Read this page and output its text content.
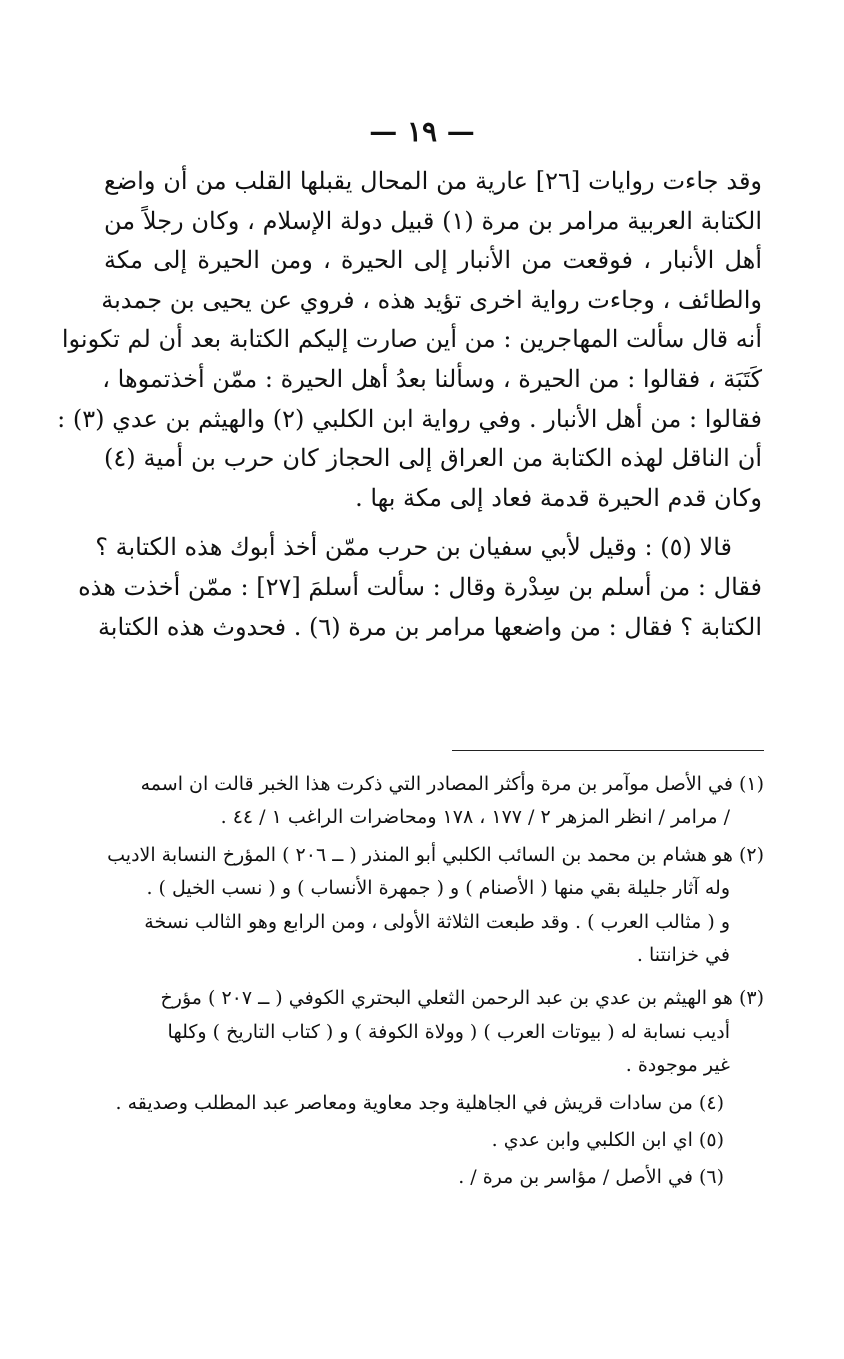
— ١٩ —
وقد جاءت روايات [٢٦] عارية من المحال يقبلها القلب من أن واضع
الكتابة العربية مرامر بن مرة (١) قبيل دولة الإسلام ، وكان رجلاً من
أهل الأنبار ، فوقعت من الأنبار إلى الحيرة ، ومن الحيرة إلى مكة
والطائف ، وجاءت رواية اخرى تؤيد هذه ، فروي عن يحيى بن جمدبة
أنه قال سألت المهاجرين : من أين صارت إليكم الكتابة بعد أن لم تكونوا
كَتَبَة ، فقالوا : من الحيرة ، وسألنا بعدُ أهل الحيرة : ممّن أخذتموها ،
فقالوا : من أهل الأنبار . وفي رواية ابن الكلبي (٢) والهيثم بن عدي (٣) :
أن الناقل لهذه الكتابة من العراق إلى الحجاز كان حرب بن أمية (٤)
وكان قدم الحيرة قدمة فعاد إلى مكة بها .
قالا (٥) : وقيل لأبي سفيان بن حرب ممّن أخذ أبوك هذه الكتابة ؟
فقال : من أسلم بن سِدْرة وقال : سألت أسلمَ [٢٧] : ممّن أخذت هذه
الكتابة ؟ فقال : من واضعها مرامر بن مرة (٦) . فحدوث هذه الكتابة
(١) في الأصل موآمر بن مرة وأكثر المصادر التي ذكرت هذا الخبر قالت ان اسمه
/ مرامر / انظر المزهر ٢ / ١٧٧ ، ١٧٨ ومحاضرات الراغب ١ / ٤٤ .
(٢) هو هشام بن محمد بن السائب الكلبي أبو المنذر ( ــ ٢٠٦ ) المؤرخ النسابة الاديب
وله آثار جليلة بقي منها ( الأصنام ) و ( جمهرة الأنساب ) و ( نسب الخيل ) .
و ( مثالب العرب ) . وقد طبعت الثلاثة الأولى ، ومن الرابع وهو الثالب نسخة
في خزانتنا .
(٣) هو الهيثم بن عدي بن عبد الرحمن الثعلي البحتري الكوفي ( ــ ٢٠٧ ) مؤرخ
أديب نسابة له ( بيوتات العرب ) ( وولاة الكوفة ) و ( كتاب التاريخ ) وكلها
غير موجودة .
(٤) من سادات قريش في الجاهلية وجد معاوية ومعاصر عبد المطلب وصديقه .
(٥) اي ابن الكلبي وابن عدي .
(٦) في الأصل / مؤاسر بن مرة / .
